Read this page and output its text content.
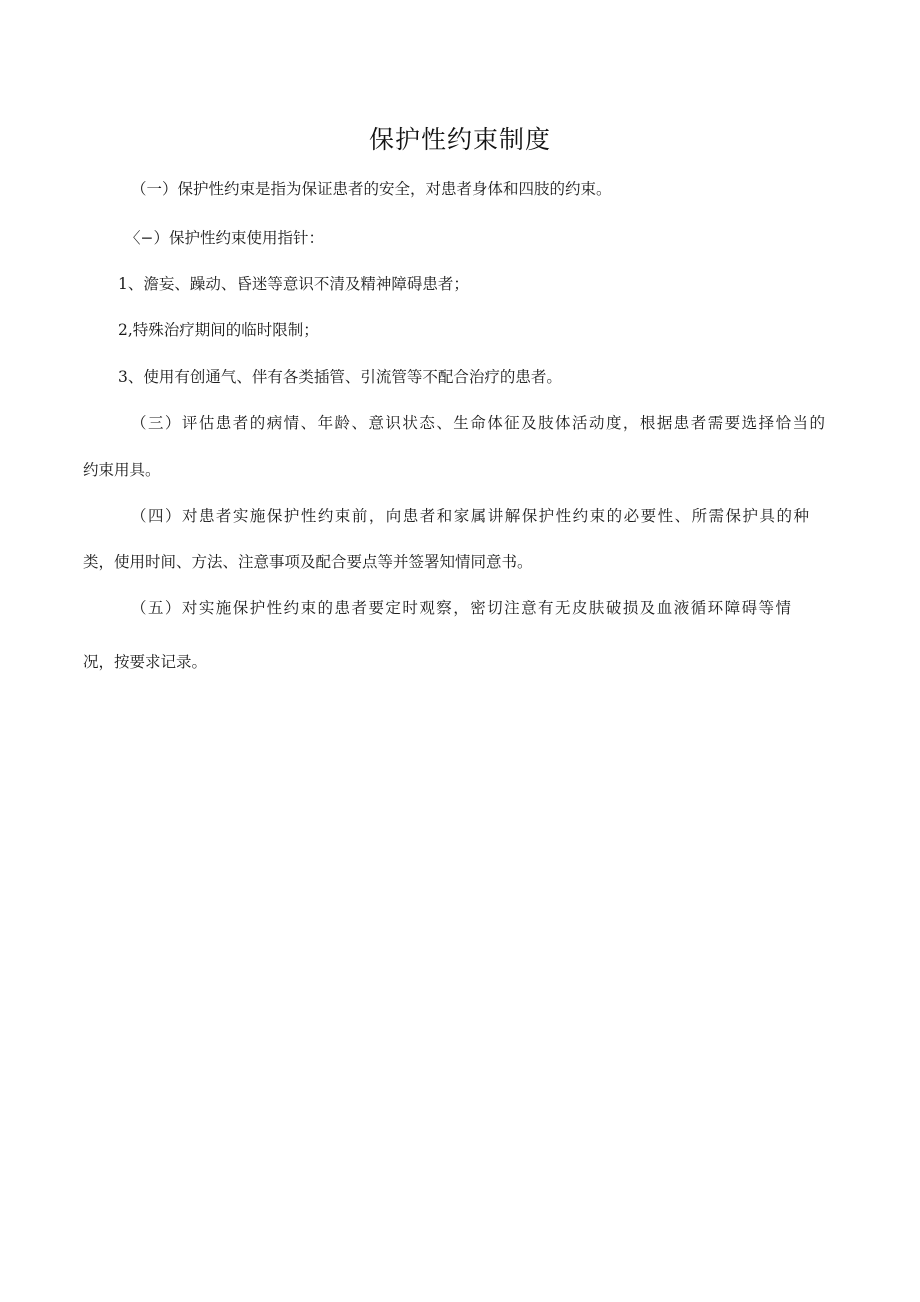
保护性约束制度
（一）保护性约束是指为保证患者的安全，对患者身体和四肢的约束。
〈−）保护性约束使用指针：
1、澹妄、躁动、昏迷等意识不清及精神障碍患者；
2,特殊治疗期间的临时限制；
3、使用有创通气、伴有各类插管、引流管等不配合治疗的患者。
（三）评估患者的病情、年龄、意识状态、生命体征及肢体活动度，根据患者需要选择恰当的
约束用具。
（四）对患者实施保护性约束前，向患者和家属讲解保护性约束的必要性、所需保护具的种
类，使用时间、方法、注意事项及配合要点等并签署知情同意书。
（五）对实施保护性约束的患者要定时观察，密切注意有无皮肤破损及血液循环障碍等情
况，按要求记录。
